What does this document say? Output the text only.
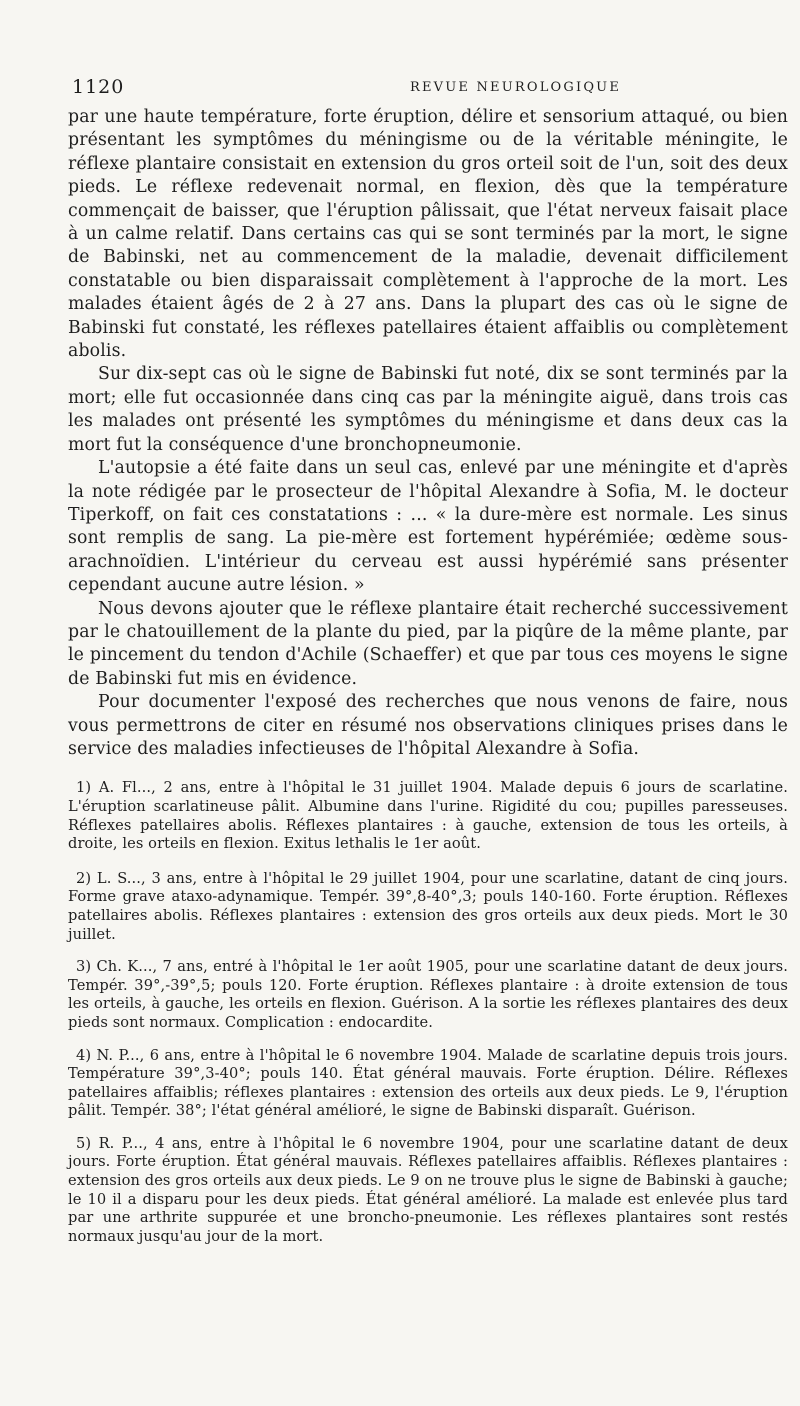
1120	REVUE NEUROLOGIQUE

par une haute température, forte éruption, délire et sensorium attaqué, ou bien présentant les symptômes du méningisme ou de la véritable méningite, le réflexe plantaire consistait en extension du gros orteil soit de l'un, soit des deux pieds. Le réflexe redevenait normal, en flexion, dès que la température commençait de baisser, que l'éruption pâlissait, que l'état nerveux faisait place à un calme relatif. Dans certains cas qui se sont terminés par la mort, le signe de Babinski, net au commencement de la maladie, devenait difficilement constatable ou bien disparaissait complètement à l'approche de la mort. Les malades étaient âgés de 2 à 27 ans. Dans la plupart des cas où le signe de Babinski fut constaté, les réflexes patellaires étaient affaiblis ou complètement abolis.

Sur dix-sept cas où le signe de Babinski fut noté, dix se sont terminés par la mort; elle fut occasionnée dans cinq cas par la méningite aiguë, dans trois cas les malades ont présenté les symptômes du méningisme et dans deux cas la mort fut la conséquence d'une bronchopneumonie.

L'autopsie a été faite dans un seul cas, enlevé par une méningite et d'après la note rédigée par le prosecteur de l'hôpital Alexandre à Sofia, M. le docteur Tiperkoff, on fait ces constatations : ... « la dure-mère est normale. Les sinus sont remplis de sang. La pie-mère est fortement hypérémiée; œdème sous-arachnoïdien. L'intérieur du cerveau est aussi hypérémié sans présenter cependant aucune autre lésion. »

Nous devons ajouter que le réflexe plantaire était recherché successivement par le chatouillement de la plante du pied, par la piqûre de la même plante, par le pincement du tendon d'Achile (Schaeffer) et que par tous ces moyens le signe de Babinski fut mis en évidence.

Pour documenter l'exposé des recherches que nous venons de faire, nous vous permettrons de citer en résumé nos observations cliniques prises dans le service des maladies infectieuses de l'hôpital Alexandre à Sofia.

1) A. Fl..., 2 ans, entre à l'hôpital le 31 juillet 1904. Malade depuis 6 jours de scarlatine. L'éruption scarlatineuse pâlit. Albumine dans l'urine. Rigidité du cou; pupilles paresseuses. Réflexes patellaires abolis. Réflexes plantaires : à gauche, extension de tous les orteils, à droite, les orteils en flexion. Exitus lethalis le 1er août.

2) L. S..., 3 ans, entre à l'hôpital le 29 juillet 1904, pour une scarlatine, datant de cinq jours. Forme grave ataxo-adynamique. Tempér. 39°,8-40°,3; pouls 140-160. Forte éruption. Réflexes patellaires abolis. Réflexes plantaires : extension des gros orteils aux deux pieds. Mort le 30 juillet.

3) Ch. K..., 7 ans, entré à l'hôpital le 1er août 1905, pour une scarlatine datant de deux jours. Tempér. 39°,-39°,5; pouls 120. Forte éruption. Réflexes plantaire : à droite extension de tous les orteils, à gauche, les orteils en flexion. Guérison. A la sortie les réflexes plantaires des deux pieds sont normaux. Complication : endocardite.

4) N. P..., 6 ans, entre à l'hôpital le 6 novembre 1904. Malade de scarlatine depuis trois jours. Température 39°,3-40°; pouls 140. État général mauvais. Forte éruption. Délire. Réflexes patellaires affaiblis; réflexes plantaires : extension des orteils aux deux pieds. Le 9, l'éruption pâlit. Tempér. 38°; l'état général amélioré, le signe de Babinski disparaît. Guérison.

5) R. P..., 4 ans, entre à l'hôpital le 6 novembre 1904, pour une scarlatine datant de deux jours. Forte éruption. État général mauvais. Réflexes patellaires affaiblis. Réflexes plantaires : extension des gros orteils aux deux pieds. Le 9 on ne trouve plus le signe de Babinski à gauche; le 10 il a disparu pour les deux pieds. État général amélioré. La malade est enlevée plus tard par une arthrite suppurée et une broncho-pneumonie. Les réflexes plantaires sont restés normaux jusqu'au jour de la mort.
